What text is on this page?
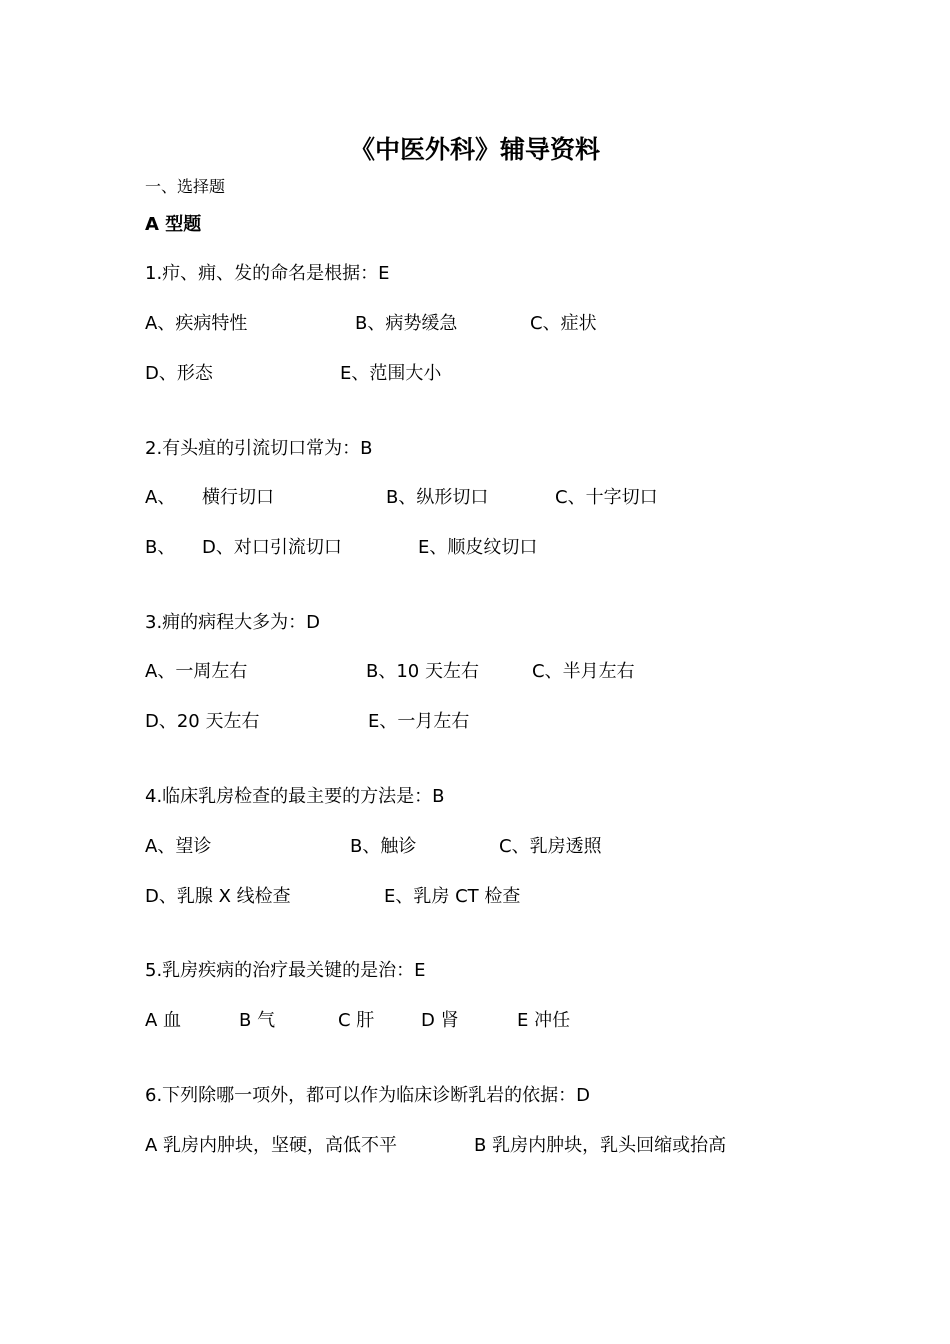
《中医外科》辅导资料
一、选择题
A 型题
1.疖、痈、发的命名是根据：E
A、疾病特性	B、病势缓急	C、症状
D、形态	E、范围大小
2.有头疽的引流切口常为：B
A、 横行切口	B、纵形切口	C、十字切口
B、 D、对口引流切口	E、顺皮纹切口
3.痈的病程大多为：D
A、一周左右	B、10 天左右	C、半月左右
D、20 天左右	E、一月左右
4.临床乳房检查的最主要的方法是：B
A、望诊	B、触诊	C、乳房透照
D、乳腺 X 线检查	E、乳房 CT 检查
5.乳房疾病的治疗最关键的是治：E
A 血	B 气	C 肝	D 肾	E 冲任
6.下列除哪一项外，都可以作为临床诊断乳岩的依据：D
A 乳房内肿块，坚硬，高低不平	B 乳房内肿块，乳头回缩或抬高
